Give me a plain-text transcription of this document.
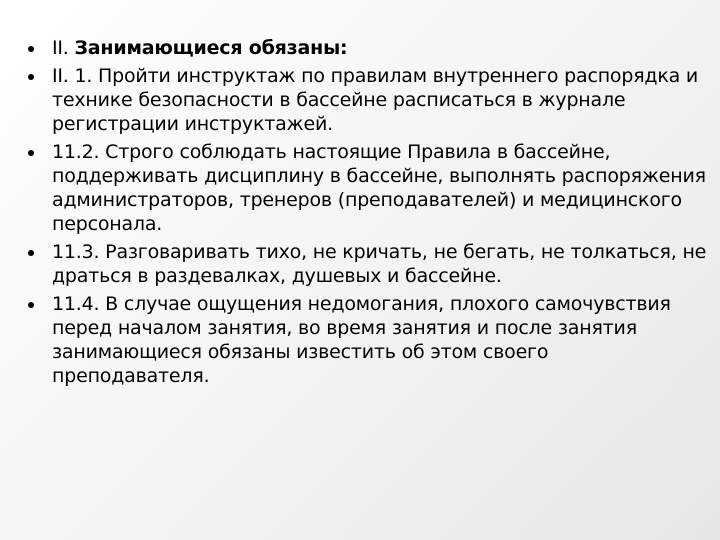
II. Занимающиеся обязаны:
II. 1. Пройти инструктаж по правилам внутреннего распорядка и технике безопасности в бассейне расписаться в журнале регистрации инструктажей.
11.2. Строго соблюдать настоящие Правила в бассейне, поддерживать дисциплину в бассейне, выполнять распоряжения администраторов, тренеров (преподавателей) и медицинского персонала.
11.3. Разговаривать тихо, не кричать, не бегать, не толкаться, не драться в раздевалках, душевых и бассейне.
11.4. В случае ощущения недомогания, плохого самочувствия перед началом занятия, во время занятия и после занятия занимающиеся обязаны известить об этом своего преподавателя.
